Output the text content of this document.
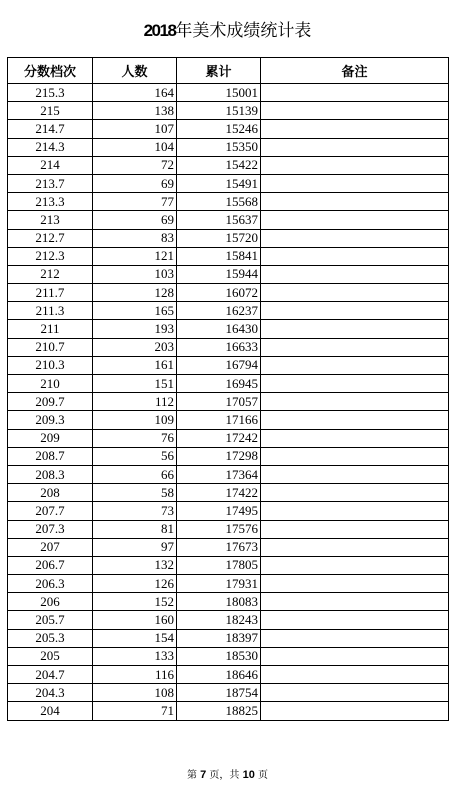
2018年美术成绩统计表
分数档次	人数	累计	备注
215.3	164	15001	
215	138	15139	
214.7	107	15246	
214.3	104	15350	
214	72	15422	
213.7	69	15491	
213.3	77	15568	
213	69	15637	
212.7	83	15720	
212.3	121	15841	
212	103	15944	
211.7	128	16072	
211.3	165	16237	
211	193	16430	
210.7	203	16633	
210.3	161	16794	
210	151	16945	
209.7	112	17057	
209.3	109	17166	
209	76	17242	
208.7	56	17298	
208.3	66	17364	
208	58	17422	
207.7	73	17495	
207.3	81	17576	
207	97	17673	
206.7	132	17805	
206.3	126	17931	
206	152	18083	
205.7	160	18243	
205.3	154	18397	
205	133	18530	
204.7	116	18646	
204.3	108	18754	
204	71	18825	
第 7 页，共 10 页
